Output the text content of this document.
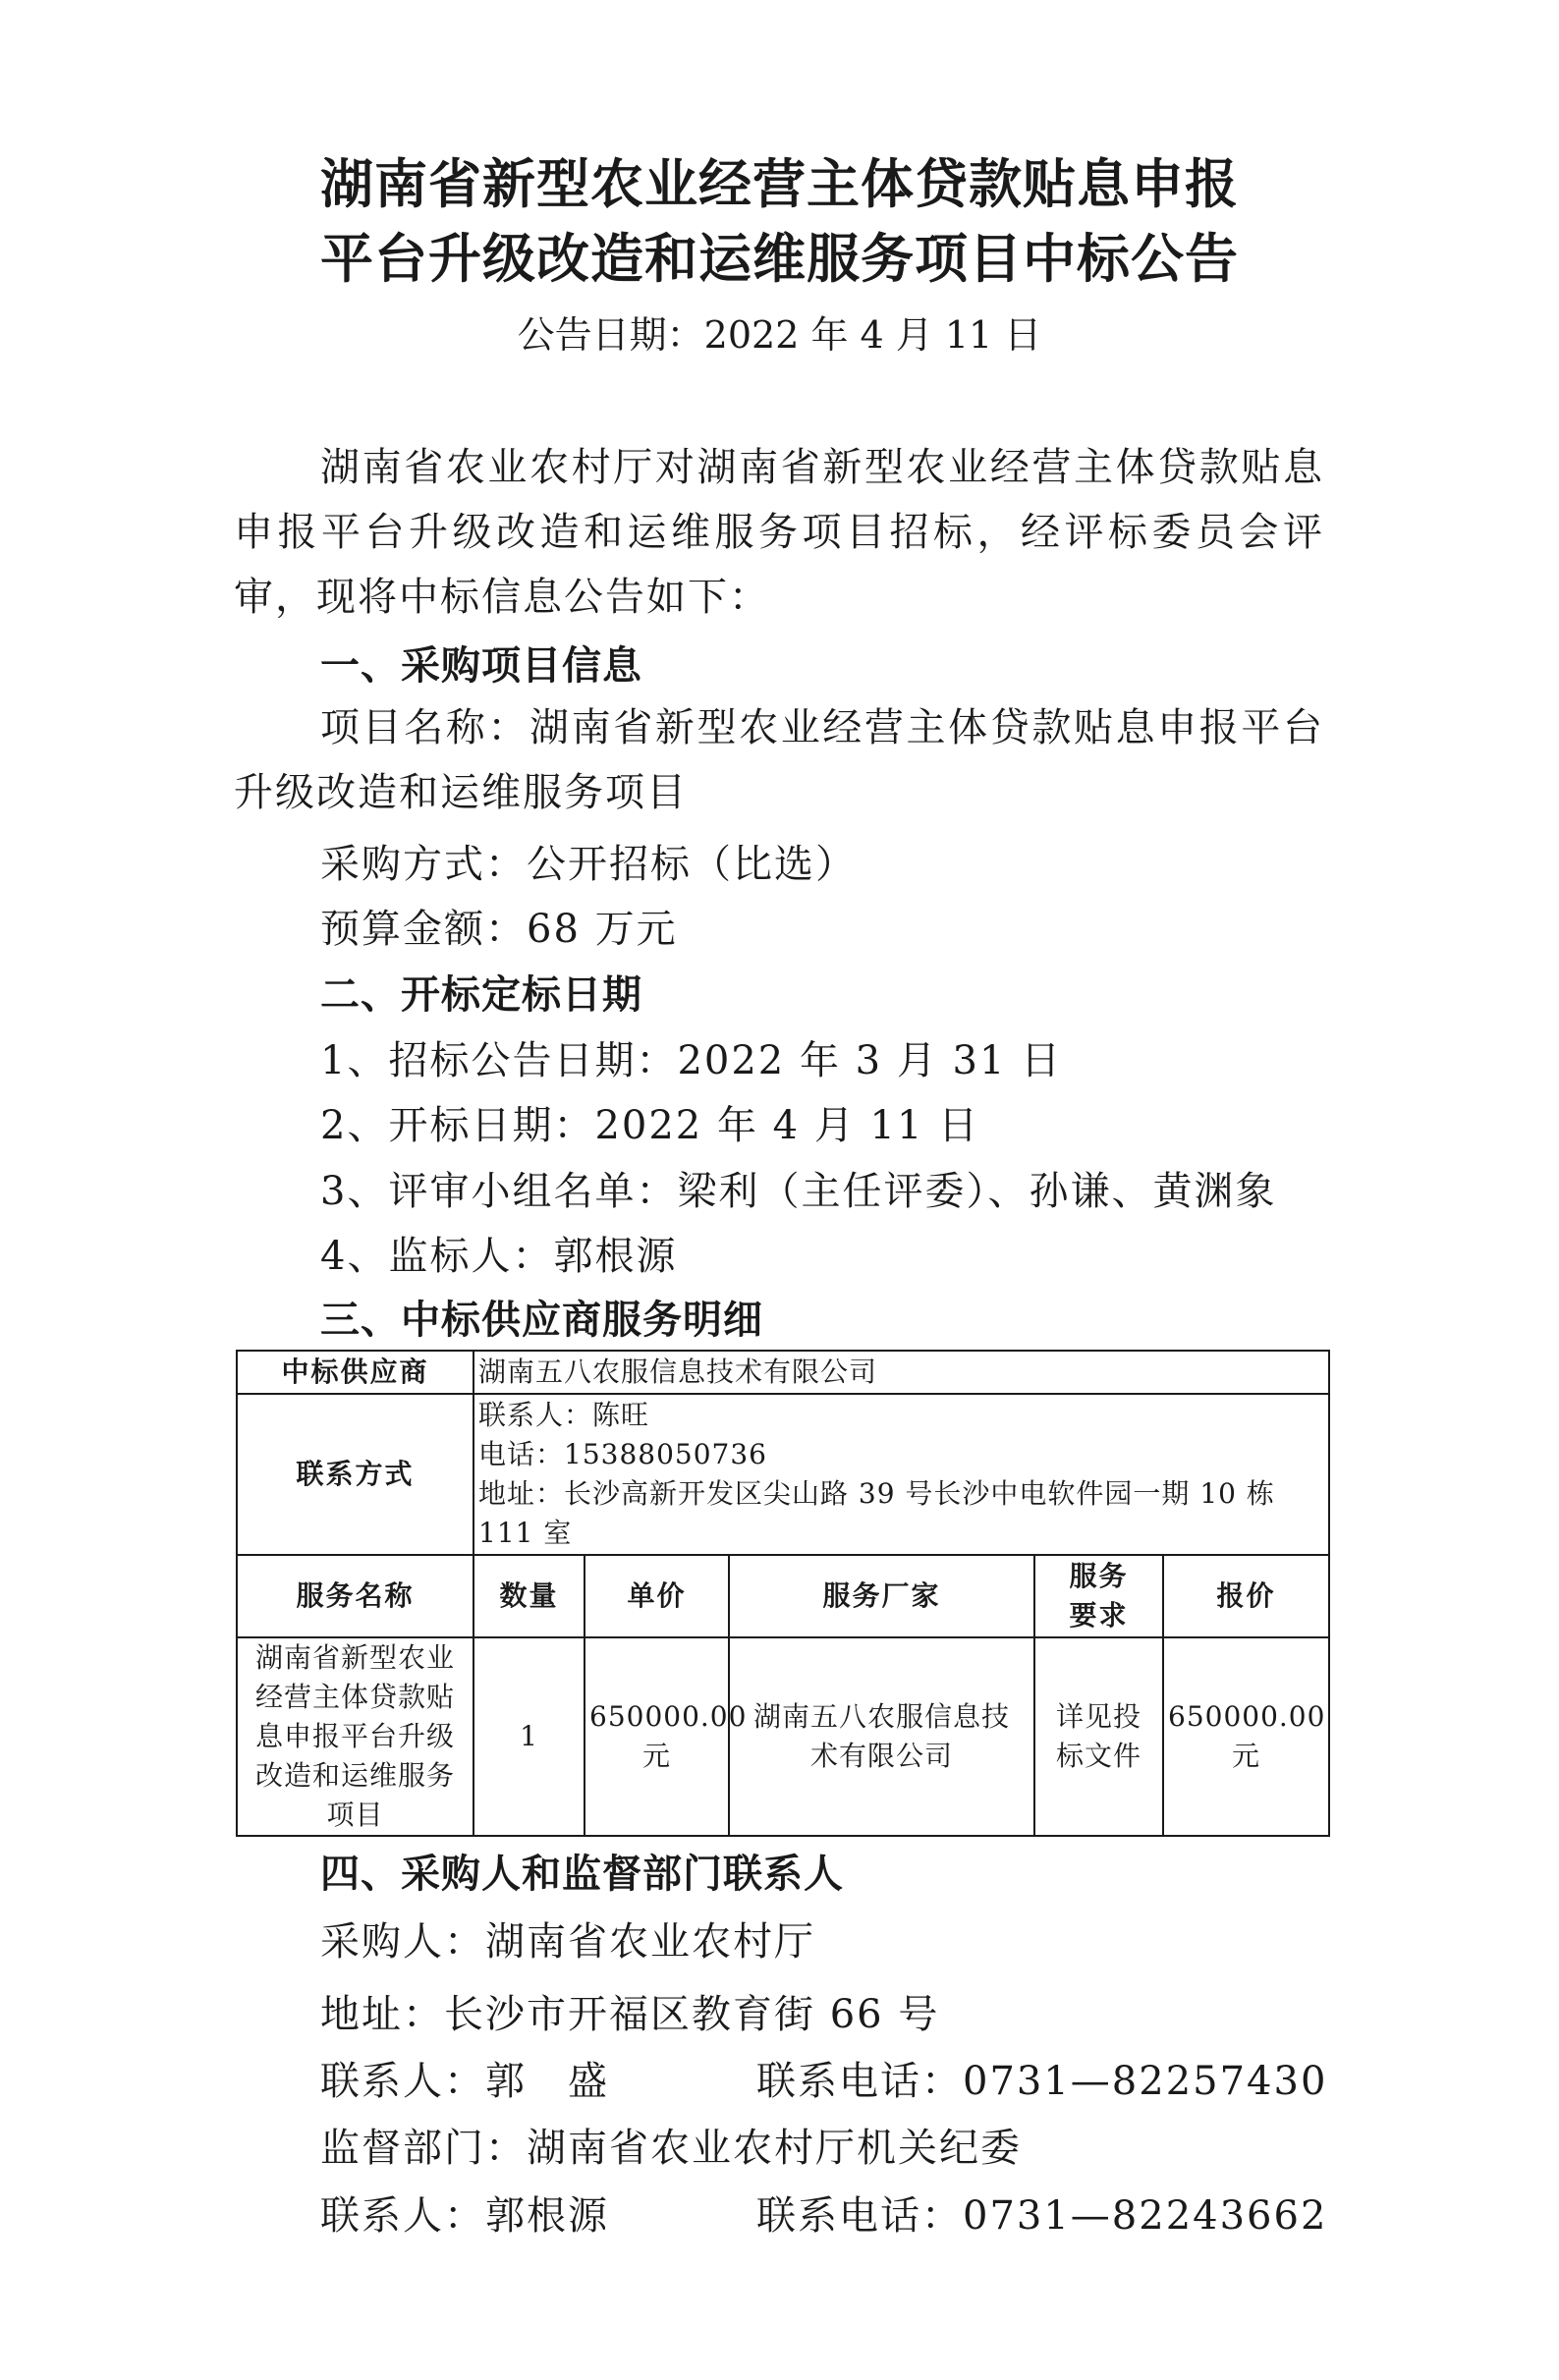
湖南省新型农业经营主体贷款贴息申报
平台升级改造和运维服务项目中标公告
公告日期：2022 年 4 月 11 日
湖南省农业农村厅对湖南省新型农业经营主体贷款贴息申报平台升级改造和运维服务项目招标，经评标委员会评审，现将中标信息公告如下：
一、采购项目信息
项目名称：湖南省新型农业经营主体贷款贴息申报平台升级改造和运维服务项目
采购方式：公开招标（比选）
预算金额：68 万元
二、开标定标日期
1、招标公告日期：2022 年 3 月 31 日
2、开标日期：2022 年 4 月 11 日
3、评审小组名单：梁利（主任评委）、孙谦、黄渊象
4、监标人：郭根源
三、中标供应商服务明细
中标供应商	湖南五八农服信息技术有限公司				
联系方式	联系人：陈旺
电话：15388050736
地址：长沙高新开发区尖山路 39 号长沙中电软件园一期 10 栋 111 室				

服务名称	数量	单价	服务厂家	服务要求	报价
湖南省新型农业经营主体贷款贴息申报平台升级改造和运维服务项目	1	650000.00 元	湖南五八农服信息技术有限公司	详见投标文件	650000.00 元
四、采购人和监督部门联系人
采购人：湖南省农业农村厅
地址：长沙市开福区教育街 66 号
联系人：郭　盛	联系电话：0731—82257430
监督部门：湖南省农业农村厅机关纪委
联系人：郭根源	联系电话：0731—82243662
